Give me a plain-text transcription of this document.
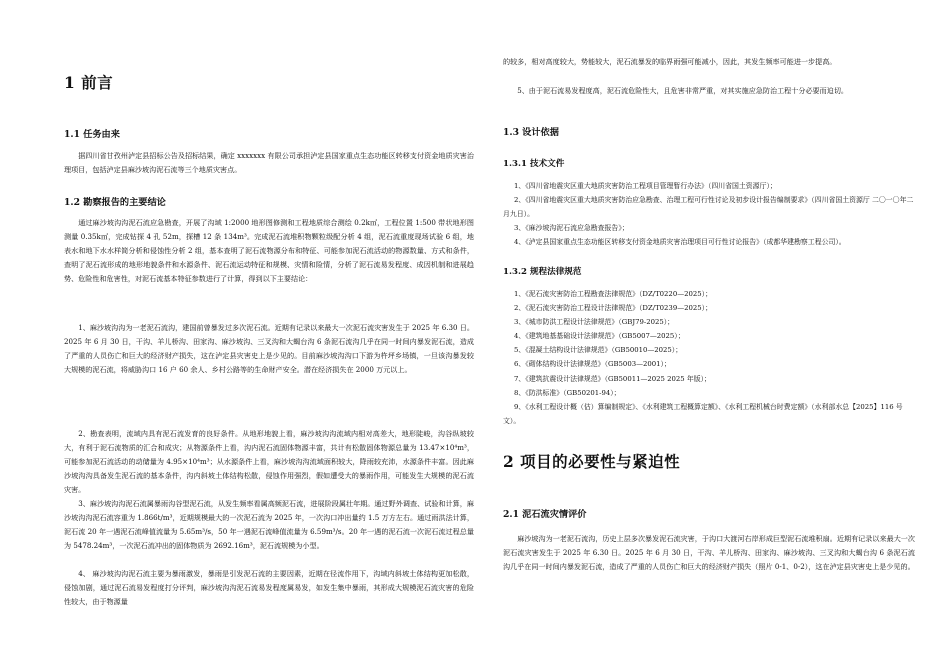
1 前言
1.1 任务由来

据四川省甘孜州泸定县招标公告及招标结果，确定 xxxxxxx 有限公司承担泸定县国家重点生态功能区转移支付资金地质灾害治理项目，包括泸定县麻沙坡沟泥石流等三个地质灾害点。

1.2 勘察报告的主要结论

通过麻沙坡沟沟泥石流应急勘查，开展了沟域 1:2000 地形图修测和工程地质综合测绘 0.2k㎡，工程位置 1:500 带状地形图测量 0.35k㎡，完成钻探 4 孔 52m，探槽 12 条 134m³。完成泥石流堆积物颗粒级配分析 4 组，泥石流重度现场试验 6 组，地表水和地下水水样简分析和侵蚀性分析 2 组，基本查明了泥石流物源分布和特征、可能参加泥石流活动的物源数量、方式和条件，查明了泥石流形成的地形地貌条件和水源条件、泥石流运动特征和规模、灾情和险情，分析了泥石流易发程度、成因机制和进展趋势、危险性和危害性，对泥石流基本特征参数进行了计算，得到以下主要结论：

1、麻沙坡沟沟为一老泥石流沟，建国前曾暴发过多次泥石流。近期有记录以来最大一次泥石流灾害发生于 2025 年 6.30 日。2025 年 6 月 30 日，干沟、羊儿桥沟、田家沟、麻沙坡沟、三叉沟和大蝎台沟 6 条泥石流沟几乎在同一时间内暴发泥石流，造成了严重的人员伤亡和巨大的经济财产损失，这在泸定县灾害史上是少见的。目前麻沙坡沟沟口下游为杵坪乡场镇，一旦该沟暴发较大规模的泥石流，将威胁沟口 16 户 60 余人、乡村公路等的生命财产安全。潜在经济损失在 2000 万元以上。

2、勘查表明，流域内具有泥石流发育的良好条件。从地形地貌上看，麻沙坡沟沟流域内相对高差大，地形陡峻，沟谷纵坡较大，有利于泥石流物质的汇合和成灾；从物源条件上看，沟内泥石流固体物源丰富，共计有松散固体物源总量为 13.47×10⁴m³，可能参加泥石流活动的动储量为 4.95×10⁴m³；从水源条件上看，麻沙坡沟沟流域面积较大，降雨较充沛，水源条件丰富。因此麻沙坡沟沟具备发生泥石流的基本条件，沟内斜坡土体结构松散，侵蚀作用强烈，假如遭受大的暴雨作用，可能发生大规模的泥石流灾害。

3、麻沙坡沟沟泥石流属暴雨沟谷型泥石流，从发生频率看属高频泥石流，进展阶段属壮年期。通过野外调查、试验和计算，麻沙坡沟沟泥石流容重为 1.866t/m³，近期规模最大的一次泥石流为 2025 年，一次沟口冲出量约 1.5 万方左右。通过雨洪法计算，泥石流 20 年一遇泥石流峰值流量为 5.65m³/s，50 年一遇泥石流峰值流量为 6.59m³/s。20 年一遇的泥石流一次泥石流过程总量为 5478.24m³，一次泥石流冲出的固体物质为 2692.16m³，泥石流规模为小型。

4、 麻沙坡沟沟泥石流主要为暴雨激发，暴雨是引发泥石流的主要因素，近期在径流作用下，沟域内斜坡土体结构更加松散，侵蚀加剧，通过泥石流易发程度打分评判，麻沙坡沟沟泥石流易发程度属易发，如发生集中暴雨，其形成大规模泥石流灾害的危险性较大，由于物源量

的较多，相对高度较大，势能较大，泥石流暴发的临界雨强可能减小，因此，其发生频率可能进一步提高。

5、由于泥石流易发程度高，泥石流危险性大，且危害非常严重，对其实施应急防治工程十分必要而迫切。

1.3 设计依据
1.3.1 技术文件
1、《四川省地震灾区重大地质灾害防治工程项目管理暂行办法》（四川省国土资源厅）；
2、《四川省地震灾区重大地质灾害防治应急勘查、治理工程可行性讨论及初步设计报告编制要求》（四川省国土资源厅 二〇一〇年二月九日）。
3、《麻沙坡沟泥石流应急勘查报告》；
4、《泸定县国家重点生态功能区转移支付资金地质灾害治理项目可行性讨论报告》（成都华建勘察工程公司）。
1.3.2 规程法律规范
1、《泥石流灾害防治工程勘查法律规范》（DZ/T0220—2025）；
2、《泥石流灾害防治工程设计法律规范》（DZ/T0239—2025）；
3、《城市防洪工程设计法律规范》（GBJ79-2025）；
4、《建筑地基基础设计法律规范》（GB5007—2025）；
5、《混凝土结构设计法律规范》（GB50010—2025）；
6、《砌体结构设计法律规范》（GB5003—2001）；
7、《建筑抗震设计法律规范》（GB50011—2025 2025 年版）；
8、《防洪标准》（GB50201-94）；
9、《水利工程设计概（估）算编制规定》、《水利建筑工程概算定额》、《水利工程机械台时费定额》（水利部水总【2025】116 号文）。
2 项目的必要性与紧迫性
2.1 泥石流灾情评价

麻沙坡沟为一老泥石流沟，历史上层多次暴发泥石流灾害，于沟口大渡河右岸形成巨型泥石流堆积扇。近期有记录以来最大一次泥石流灾害发生于 2025 年 6.30 日。2025 年 6 月 30 日，干沟、羊儿桥沟、田家沟、麻沙坡沟、三叉沟和大蝎台沟 6 条泥石流沟几乎在同一时间内暴发泥石流，造成了严重的人员伤亡和巨大的经济财产损失（照片 0-1、0-2），这在泸定县灾害史上是少见的。
